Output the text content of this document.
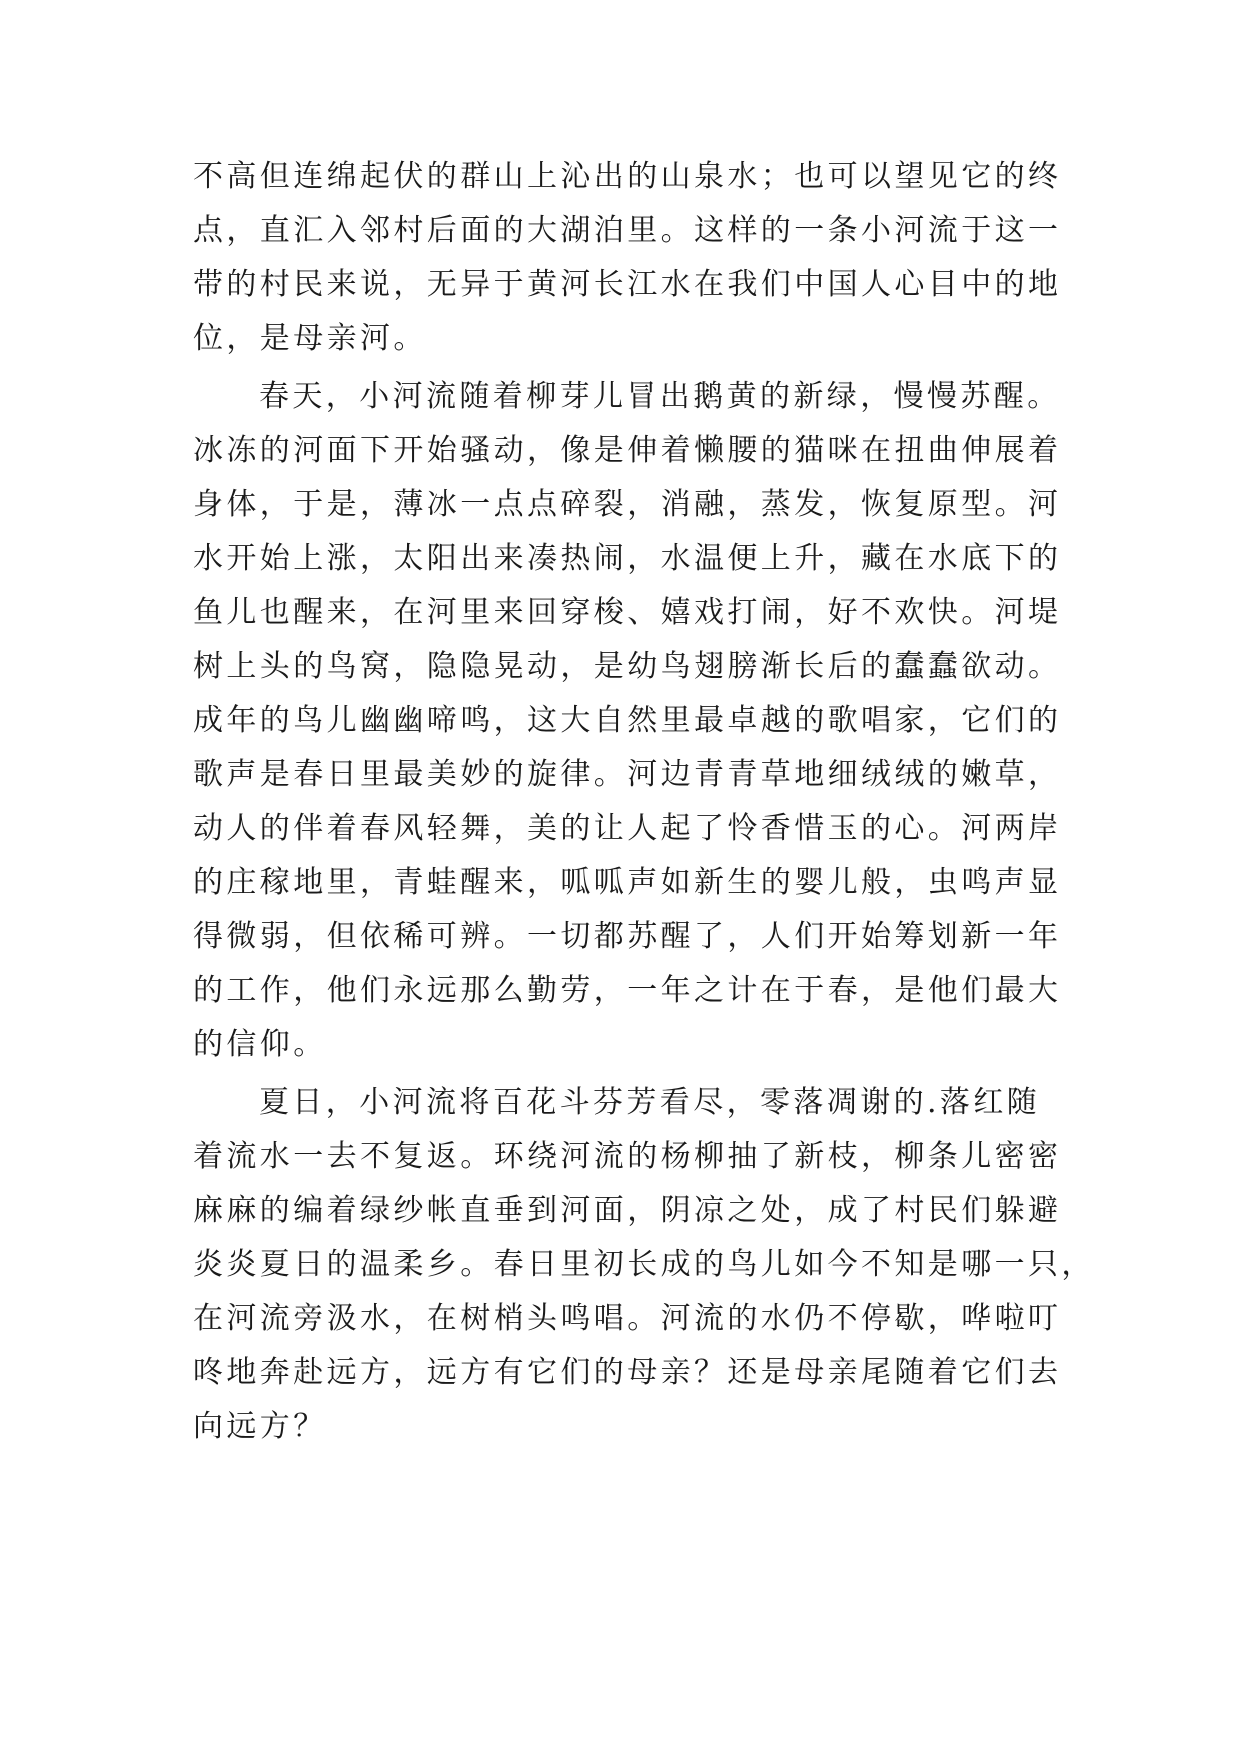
不高但连绵起伏的群山上沁出的山泉水；也可以望见它的终
点，直汇入邻村后面的大湖泊里。这样的一条小河流于这一
带的村民来说，无异于黄河长江水在我们中国人心目中的地
位，是母亲河。
春天，小河流随着柳芽儿冒出鹅黄的新绿，慢慢苏醒。
冰冻的河面下开始骚动，像是伸着懒腰的猫咪在扭曲伸展着
身体，于是，薄冰一点点碎裂，消融，蒸发，恢复原型。河
水开始上涨，太阳出来凑热闹，水温便上升，藏在水底下的
鱼儿也醒来，在河里来回穿梭、嬉戏打闹，好不欢快。河堤
树上头的鸟窝，隐隐晃动，是幼鸟翅膀渐长后的蠢蠢欲动。
成年的鸟儿幽幽啼鸣，这大自然里最卓越的歌唱家，它们的
歌声是春日里最美妙的旋律。河边青青草地细绒绒的嫩草，
动人的伴着春风轻舞，美的让人起了怜香惜玉的心。河两岸
的庄稼地里，青蛙醒来，呱呱声如新生的婴儿般，虫鸣声显
得微弱，但依稀可辨。一切都苏醒了，人们开始筹划新一年
的工作，他们永远那么勤劳，一年之计在于春，是他们最大
的信仰。
夏日，小河流将百花斗芬芳看尽，零落凋谢的.落红随
着流水一去不复返。环绕河流的杨柳抽了新枝，柳条儿密密
麻麻的编着绿纱帐直垂到河面，阴凉之处，成了村民们躲避
炎炎夏日的温柔乡。春日里初长成的鸟儿如今不知是哪一只，
在河流旁汲水，在树梢头鸣唱。河流的水仍不停歇，哗啦叮
咚地奔赴远方，远方有它们的母亲？还是母亲尾随着它们去
向远方？
